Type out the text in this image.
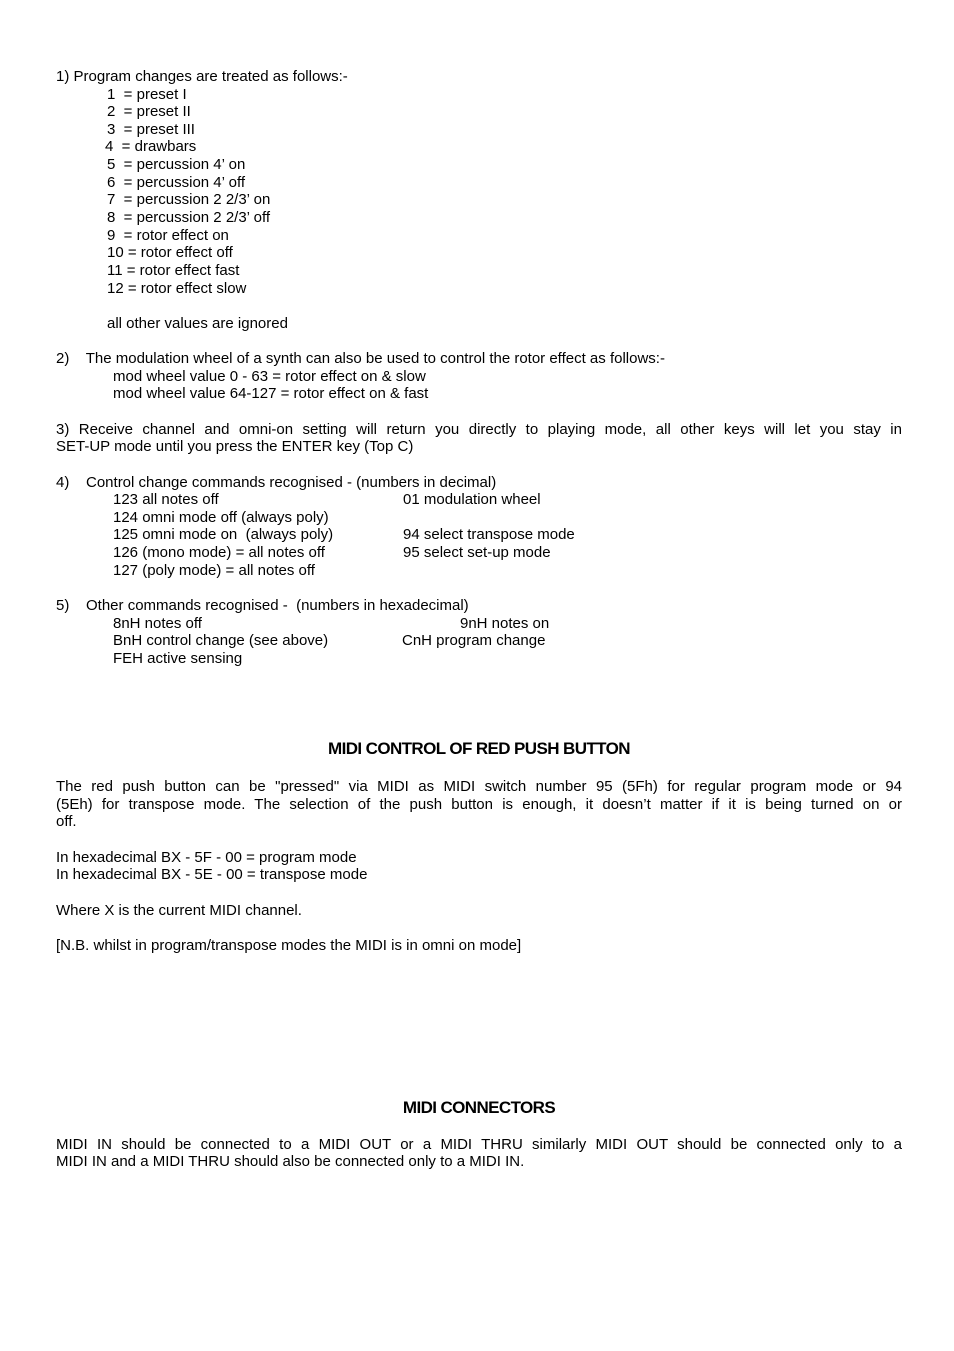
1) Program changes are treated as follows:-
1  = preset I
2  = preset II
3  = preset III
4  = drawbars
5  = percussion 4’ on
6  = percussion 4’ off
7  = percussion 2 2/3’ on
8  = percussion 2 2/3’ off
9  = rotor effect on
10 = rotor effect off
11 = rotor effect fast
12 = rotor effect slow
all other values are ignored
2)    The modulation wheel of a synth can also be used to control the rotor effect as follows:-
mod wheel value 0 - 63 = rotor effect on & slow
mod wheel value 64-127 = rotor effect on & fast
3) Receive channel and omni-on setting will return you directly to playing mode, all other keys will let you stay in
SET-UP mode until you press the ENTER key (Top C)
4)    Control change commands recognised - (numbers in decimal)
123 all notes off
124 omni mode off (always poly)
125 omni mode on  (always poly)
126 (mono mode) = all notes off
127 (poly mode) = all notes off
01 modulation wheel
94 select transpose mode
95 select set-up mode
5)    Other commands recognised -  (numbers in hexadecimal)
8nH notes off
BnH control change (see above)
FEH active sensing
9nH notes on
CnH program change
MIDI CONTROL OF RED PUSH BUTTON
The red push button can be "pressed" via MIDI as MIDI switch number 95 (5Fh) for regular program mode or 94
(5Eh) for transpose mode. The selection of the push button is enough, it doesn’t matter if it is being turned on or
off.
In hexadecimal BX - 5F - 00 = program mode
In hexadecimal BX - 5E - 00 = transpose mode
Where X is the current MIDI channel.
[N.B. whilst in program/transpose modes the MIDI is in omni on mode]
MIDI CONNECTORS
MIDI IN should be connected to a MIDI OUT or a MIDI THRU similarly MIDI OUT should be connected only to a
MIDI IN and a MIDI THRU should also be connected only to a MIDI IN.
